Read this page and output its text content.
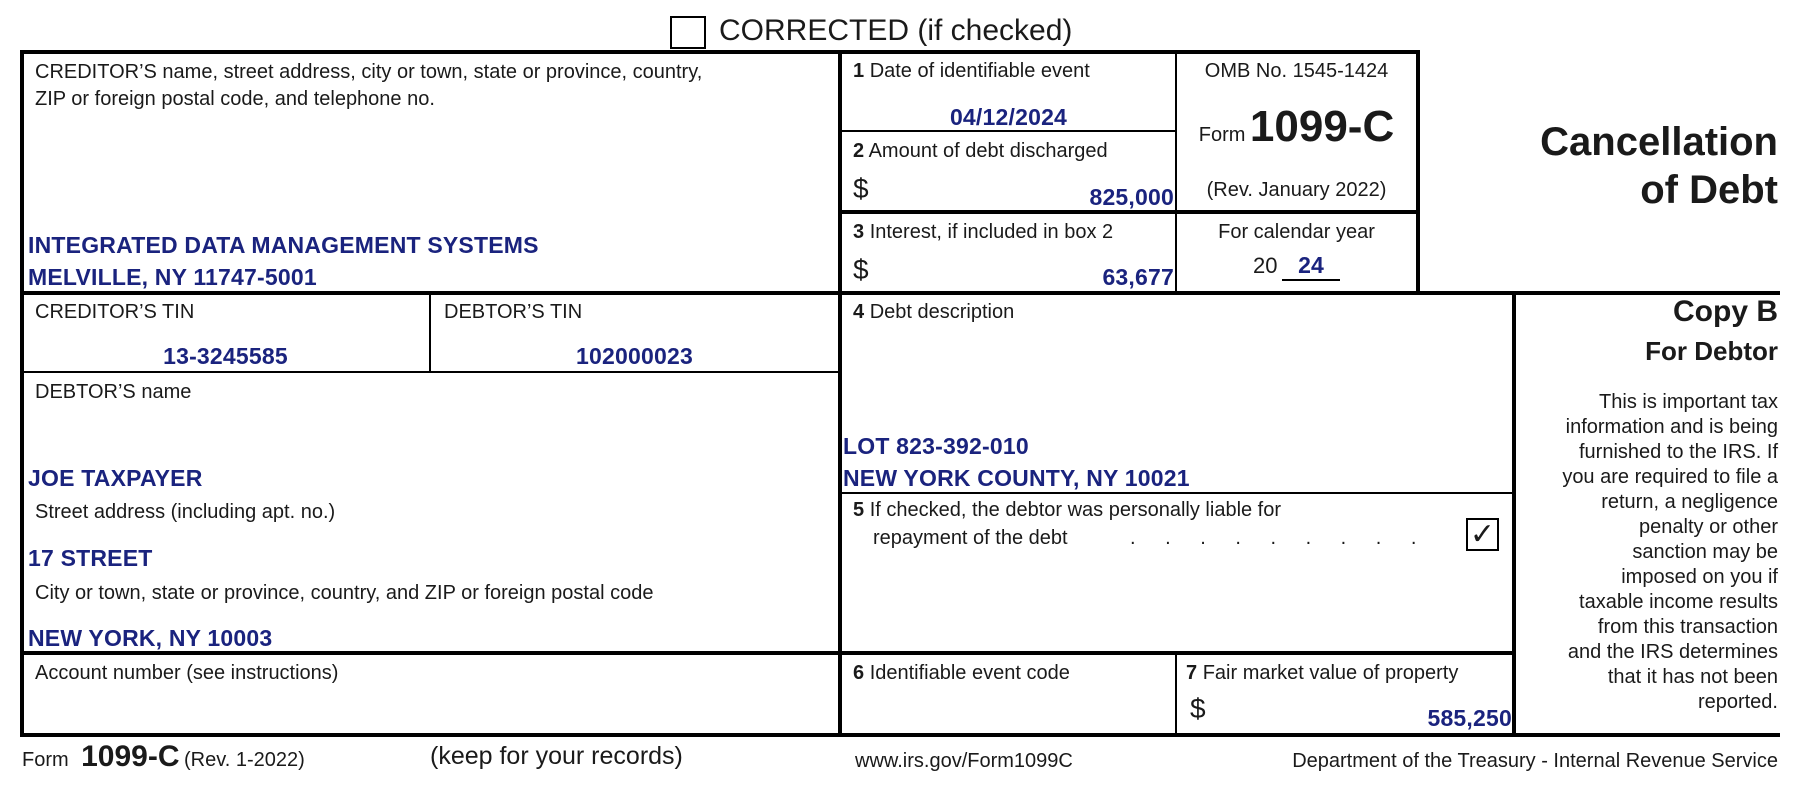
CORRECTED (if checked)
CREDITOR’S name, street address, city or town, state or province, country,
ZIP or foreign postal code, and telephone no.
INTEGRATED DATA MANAGEMENT SYSTEMS
MELVILLE, NY 11747-5001
1 Date of identifiable event
04/12/2024
2 Amount of debt discharged
$	825,000
3 Interest, if included in box 2
$	63,677
OMB No. 1545-1424
Form 1099-C
(Rev. January 2022)
For calendar year
20 24
Cancellation
of Debt
CREDITOR’S TIN
13-3245585
DEBTOR’S TIN
102000023
DEBTOR’S name
JOE TAXPAYER
Street address (including apt. no.)
17 STREET
City or town, state or province, country, and ZIP or foreign postal code
NEW YORK, NY 10003
Account number (see instructions)
4 Debt description
LOT 823-392-010
NEW YORK COUNTY, NY 10021
5 If checked, the debtor was personally liable for
repayment of the debt	. . . . . . . . . ✓
6 Identifiable event code	7 Fair market value of property
$	585,250
Copy B
For Debtor
This is important tax
information and is being
furnished to the IRS. If
you are required to file a
return, a negligence
penalty or other
sanction may be
imposed on you if
taxable income results
from this transaction
and the IRS determines
that it has not been
reported.
Form 1099-C (Rev. 1-2022)	(keep for your records)	www.irs.gov/Form1099C	Department of the Treasury - Internal Revenue Service
